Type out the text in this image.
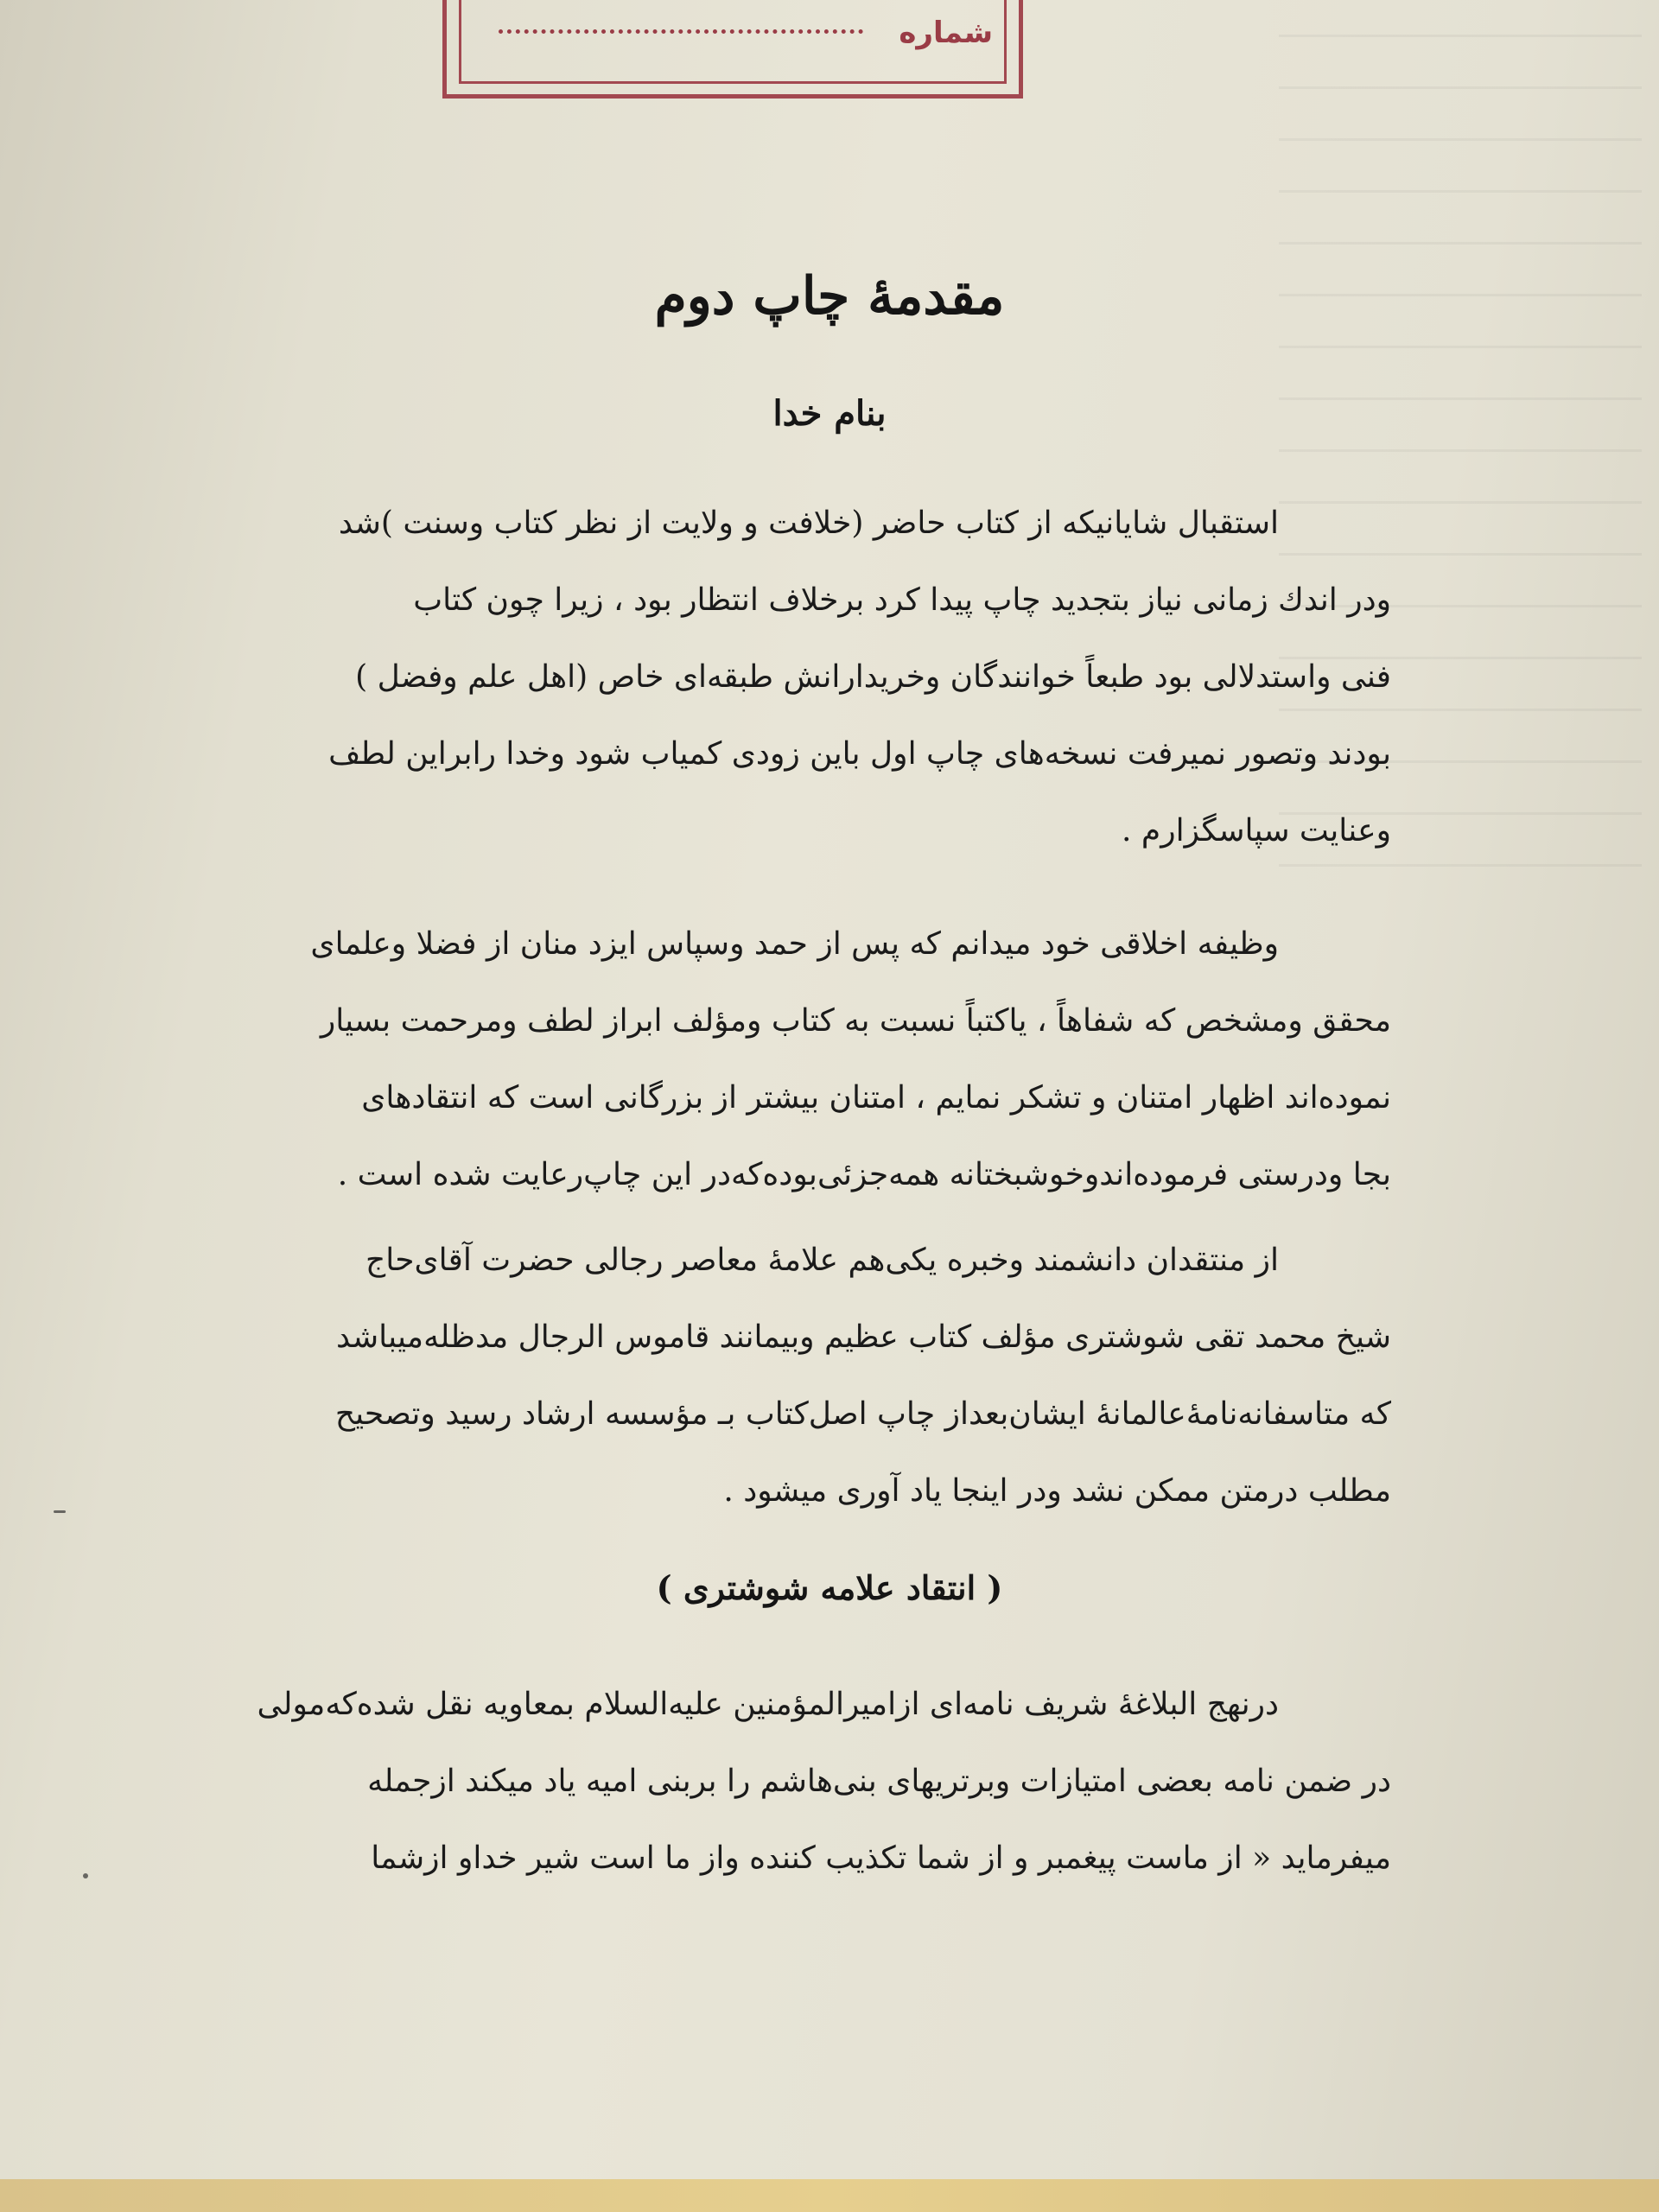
شماره
مقدمهٔ چاپ دوم
بنام خدا
استقبال شایانیکه از کتاب حاضر (خلافت و ولایت از نظر کتاب وسنت )شد
ودر اندك زمانی نیاز بتجدید چاپ پیدا کرد برخلاف انتظار بود ، زیرا چون کتاب
فنی واستدلالی بود طبعاً خوانندگان وخریدارانش طبقه‌ای خاص (اهل علم وفضل )
بودند وتصور نمیرفت نسخه‌های چاپ اول باین زودی کمیاب شود وخدا رابراین لطف
وعنایت سپاسگزارم .
وظیفه اخلاقی خود میدانم که پس از حمد وسپاس ایزد منان از فضلا وعلمای
محقق ومشخص که شفاهاً ، یاکتباً نسبت به کتاب ومؤلف ابراز لطف ومرحمت بسیار
نموده‌اند اظهار امتنان و تشکر نمایم ، امتنان بیشتر از بزرگانی است که انتقادهای
بجا ودرستی فرموده‌اندوخوشبختانه همه‌جزئی‌بوده‌که‌در این چاپ‌رعایت شده است .
از منتقدان دانشمند وخبره یکی‌هم علامهٔ معاصر رجالی حضرت آقای‌حاج
شیخ محمد تقی شوشتری مؤلف کتاب عظیم وبیمانند قاموس الرجال مدظله‌میباشد
که متاسفانه‌نامهٔ‌عالمانهٔ ایشان‌بعداز چاپ اصل‌کتاب بـ مؤسسه ارشاد رسید وتصحیح
مطلب درمتن ممکن نشد ودر اینجا یاد آوری میشود .
( انتقاد علامه شوشتری )
درنهج البلاغهٔ شریف نامه‌ای ازامیرالمؤمنین علیه‌السلام بمعاویه نقل شده‌که‌مولی
در ضمن نامه بعضی امتیازات وبرتریهای بنی‌هاشم را بربنی امیه یاد میکند ازجمله
میفرماید « از ماست پیغمبر و از شما تکذیب کننده واز ما است شیر خداو ازشما
